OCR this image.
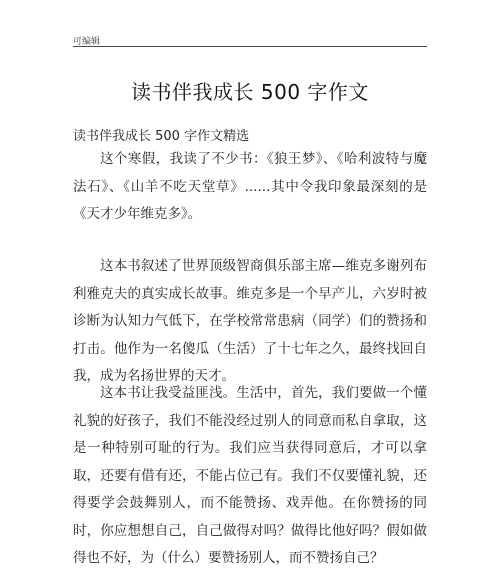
可编辑
读书伴我成长 500 字作文
读书伴我成长 500 字作文精选
这个寒假，我读了不少书：《狼王梦》、《哈利波特与魔法石》、《山羊不吃天堂草》......其中令我印象最深刻的是《天才少年维克多》。
这本书叙述了世界顶级智商俱乐部主席—维克多谢列布利雅克夫的真实成长故事。维克多是一个早产儿，六岁时被诊断为认知力气低下，在学校常常患病（同学）们的赞扬和打击。他作为一名傻瓜（生活）了十七年之久，最终找回自我，成为名扬世界的天才。
这本书让我受益匪浅。生活中，首先，我们要做一个懂礼貌的好孩子，我们不能没经过别人的同意而私自拿取，这是一种特别可耻的行为。我们应当获得同意后，才可以拿取，还要有借有还，不能占位己有。我们不仅要懂礼貌，还得要学会鼓舞别人，而不能赞扬、戏弄他。在你赞扬的同时，你应想想自己，自己做得对吗？做得比他好吗？假如做得也不好，为（什么）要赞扬别人，而不赞扬自己？
